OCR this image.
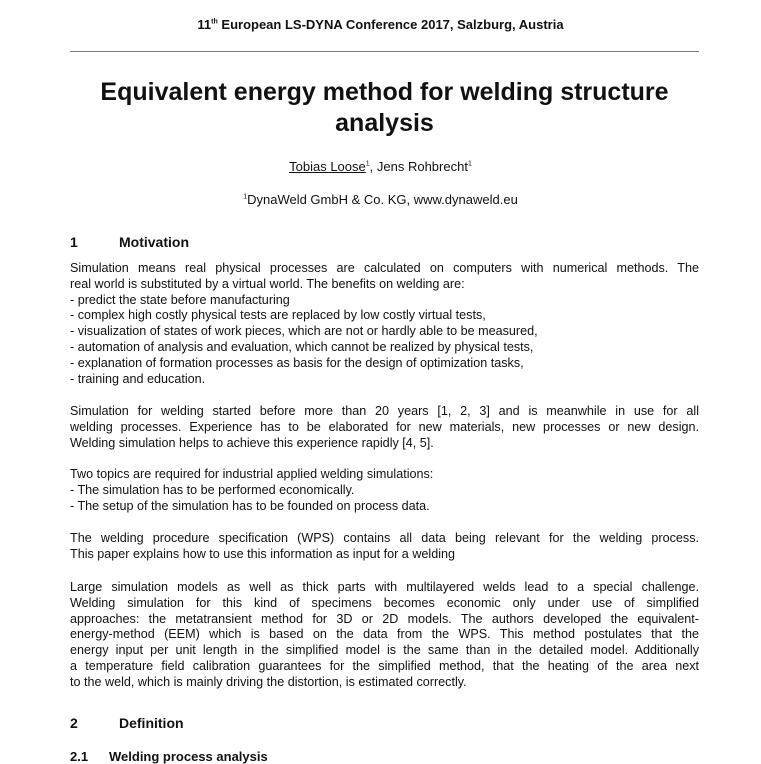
11th European LS-DYNA Conference 2017, Salzburg, Austria
Equivalent energy method for welding structure
analysis
Tobias Loose$^1$, Jens Rohbrecht$^1$
$^1$DynaWeld GmbH & Co. KG, www.dynaweld.eu
1	Motivation
Simulation means real physical processes are calculated on computers with numerical methods. The
real world is substituted by a virtual world. The benefits on welding are:
- predict the state before manufacturing
- complex high costly physical tests are replaced by low costly virtual tests,
- visualization of states of work pieces, which are not or hardly able to be measured,
- automation of analysis and evaluation, which cannot be realized by physical tests,
- explanation of formation processes as basis for the design of optimization tasks,
- training and education.
Simulation for welding started before more than 20 years [1, 2, 3] and is meanwhile in use for all
welding processes. Experience has to be elaborated for new materials, new processes or new design.
Welding simulation helps to achieve this experience rapidly [4, 5].
Two topics are required for industrial applied welding simulations:
- The simulation has to be performed economically.
- The setup of the simulation has to be founded on process data.
The welding procedure specification (WPS) contains all data being relevant for the welding process.
This paper explains how to use this information as input for a welding
Large simulation models as well as thick parts with multilayered welds lead to a special challenge.
Welding simulation for this kind of specimens becomes economic only under use of simplified
approaches: the metatransient method for 3D or 2D models. The authors developed the equivalent-
energy-method (EEM) which is based on the data from the WPS. This method postulates that the
energy input per unit length in the simplified model is the same than in the detailed model. Additionally
a temperature field calibration guarantees for the simplified method, that the heating of the area next
to the weld, which is mainly driving the distortion, is estimated correctly.
2	Definition
2.1 Welding process analysis
